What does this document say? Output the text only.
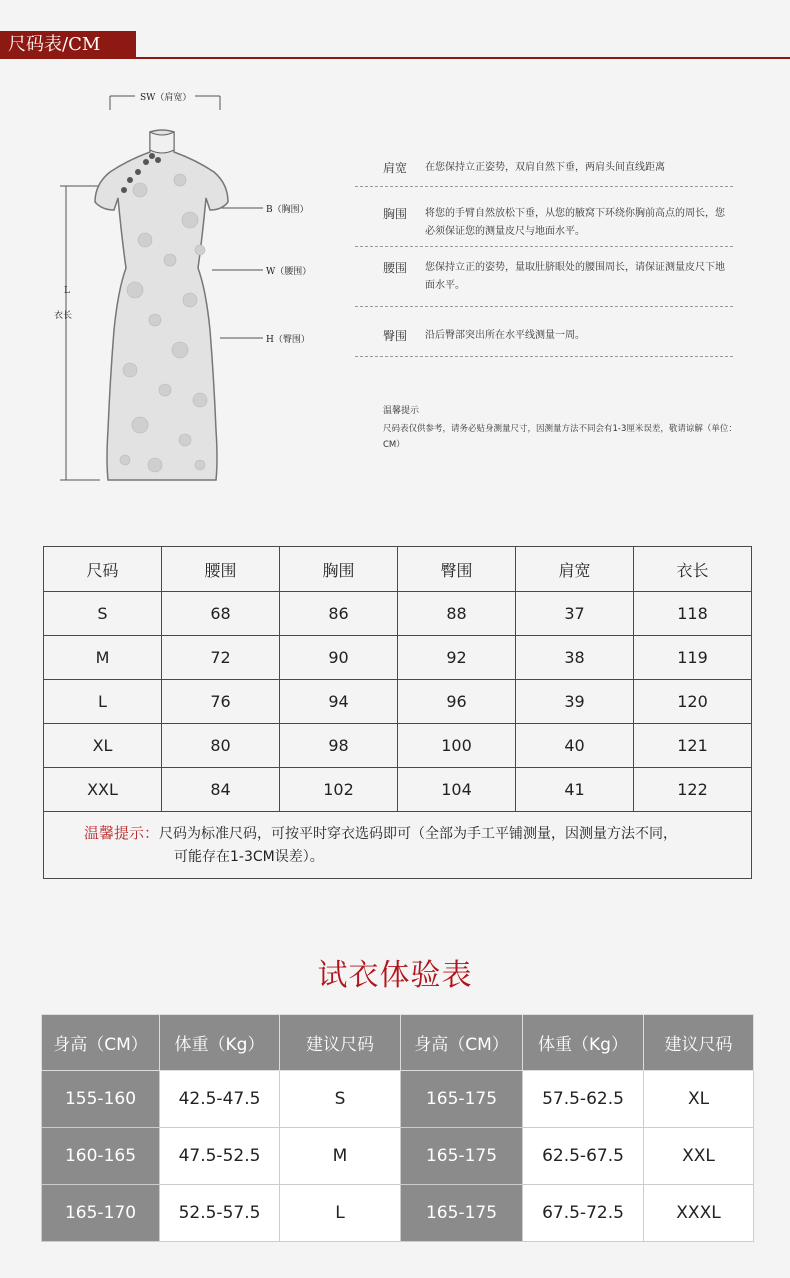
尺码表/CM
SW（肩宽）
B（胸围）
W（腰围）
H（臀围）
L
衣长
肩宽	在您保持立正姿势，双肩自然下垂，两肩头间直线距离
胸围	将您的手臂自然放松下垂，从您的腋窝下环绕你胸前高点的周长，您必须保证您的测量皮尺与地面水平。
腰围	您保持立正的姿势，量取肚脐眼处的腰围周长，请保证测量皮尺下地面水平。
臀围	沿后臀部突出所在水平线测量一周。
温馨提示
尺码表仅供参考，请务必贴身测量尺寸，因测量方法不同会有1-3厘米误差，敬请谅解（单位：CM）
尺码	腰围	胸围	臀围	肩宽	衣长
S	68	86	88	37	118
M	72	90	92	38	119
L	76	94	96	39	120
XL	80	98	100	40	121
XXL	84	102	104	41	122
温馨提示：尺码为标准尺码，可按平时穿衣选码即可（全部为手工平铺测量，因测量方法不同，
可能存在1-3CM误差）。					
试衣体验表
身高（CM）	体重（Kg）	建议尺码	身高（CM）	体重（Kg）	建议尺码
155-160	42.5-47.5	S	165-175	57.5-62.5	XL
160-165	47.5-52.5	M	165-175	62.5-67.5	XXL
165-170	52.5-57.5	L	165-175	67.5-72.5	XXXL
